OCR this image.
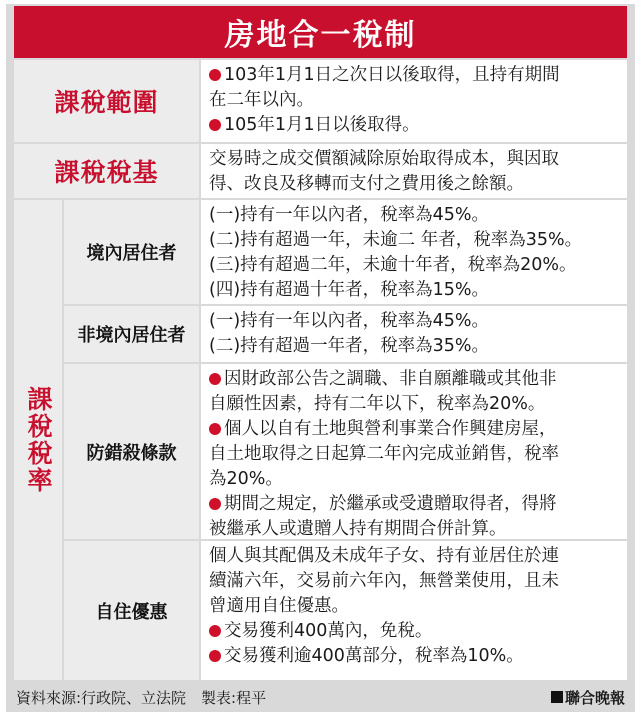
房地合一稅制
課稅範圍
103年1月1日之次日以後取得，且持有期間
在二年以內。
105年1月1日以後取得。
課稅稅基	交易時之成交價額減除原始取得成本，與因取
得、改良及移轉而支付之費用後之餘額。
課稅稅率
境內居住者
(一)持有一年以內者，稅率為45%。
(二)持有超過一年，未逾二 年者，稅率為35%。
(三)持有超過二年，未逾十年者，稅率為20%。
(四)持有超過十年者，稅率為15%。
非境內居住者
(一)持有一年以內者，稅率為45%。
(二)持有超過一年者，稅率為35%。
防錯殺條款
因財政部公告之調職、非自願離職或其他非
自願性因素，持有二年以下，稅率為20%。
個人以自有土地與營利事業合作興建房屋，
自土地取得之日起算二年內完成並銷售，稅率
為20%。
期間之規定，於繼承或受遺贈取得者，得將
被繼承人或遺贈人持有期間合併計算。
自住優惠
個人與其配偶及未成年子女、持有並居住於連
續滿六年，交易前六年內，無營業使用，且未
曾適用自住優惠。
交易獲利400萬內，免稅。
交易獲利逾400萬部分，稅率為10%。
資料來源:行政院、立法院　製表:程平	聯合晚報
